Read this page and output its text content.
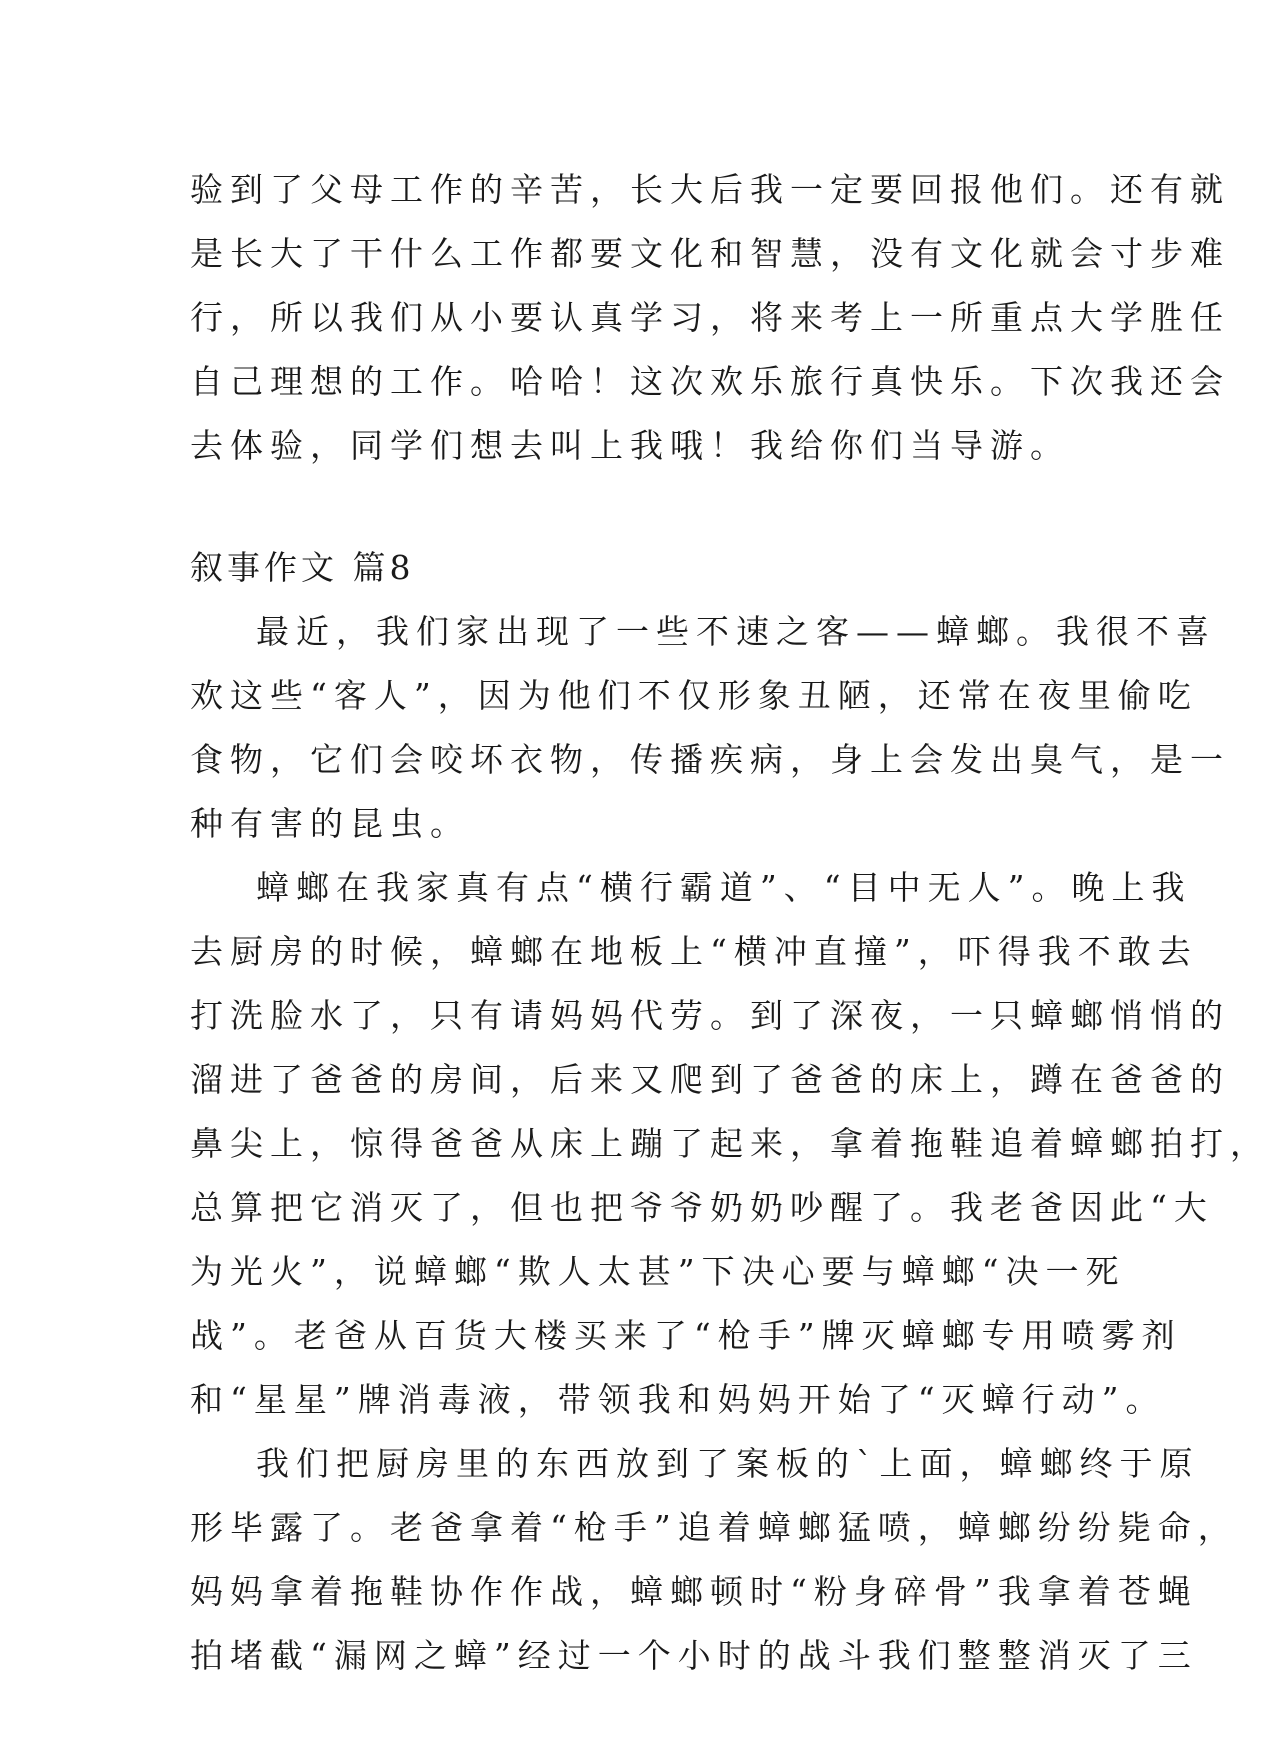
验到了父母工作的辛苦，长大后我一定要回报他们。还有就
是长大了干什么工作都要文化和智慧，没有文化就会寸步难
行，所以我们从小要认真学习，将来考上一所重点大学胜任
自己理想的工作。哈哈！这次欢乐旅行真快乐。下次我还会
去体验，同学们想去叫上我哦！我给你们当导游。
叙事作文 篇8
最近，我们家出现了一些不速之客——蟑螂。我很不喜
欢这些“客人”，因为他们不仅形象丑陋，还常在夜里偷吃
食物，它们会咬坏衣物，传播疾病，身上会发出臭气，是一
种有害的昆虫。
蟑螂在我家真有点“横行霸道”、“目中无人”。晚上我
去厨房的时候，蟑螂在地板上“横冲直撞”，吓得我不敢去
打洗脸水了，只有请妈妈代劳。到了深夜，一只蟑螂悄悄的
溜进了爸爸的房间，后来又爬到了爸爸的床上，蹲在爸爸的
鼻尖上，惊得爸爸从床上蹦了起来，拿着拖鞋追着蟑螂拍打，
总算把它消灭了，但也把爷爷奶奶吵醒了。我老爸因此“大
为光火”，说蟑螂“欺人太甚”下决心要与蟑螂“决一死
战”。老爸从百货大楼买来了“枪手”牌灭蟑螂专用喷雾剂
和“星星”牌消毒液，带领我和妈妈开始了“灭蟑行动”。
我们把厨房里的东西放到了案板的`上面，蟑螂终于原
形毕露了。老爸拿着“枪手”追着蟑螂猛喷，蟑螂纷纷毙命，
妈妈拿着拖鞋协作作战，蟑螂顿时“粉身碎骨”我拿着苍蝇
拍堵截“漏网之蟑”经过一个小时的战斗我们整整消灭了三
